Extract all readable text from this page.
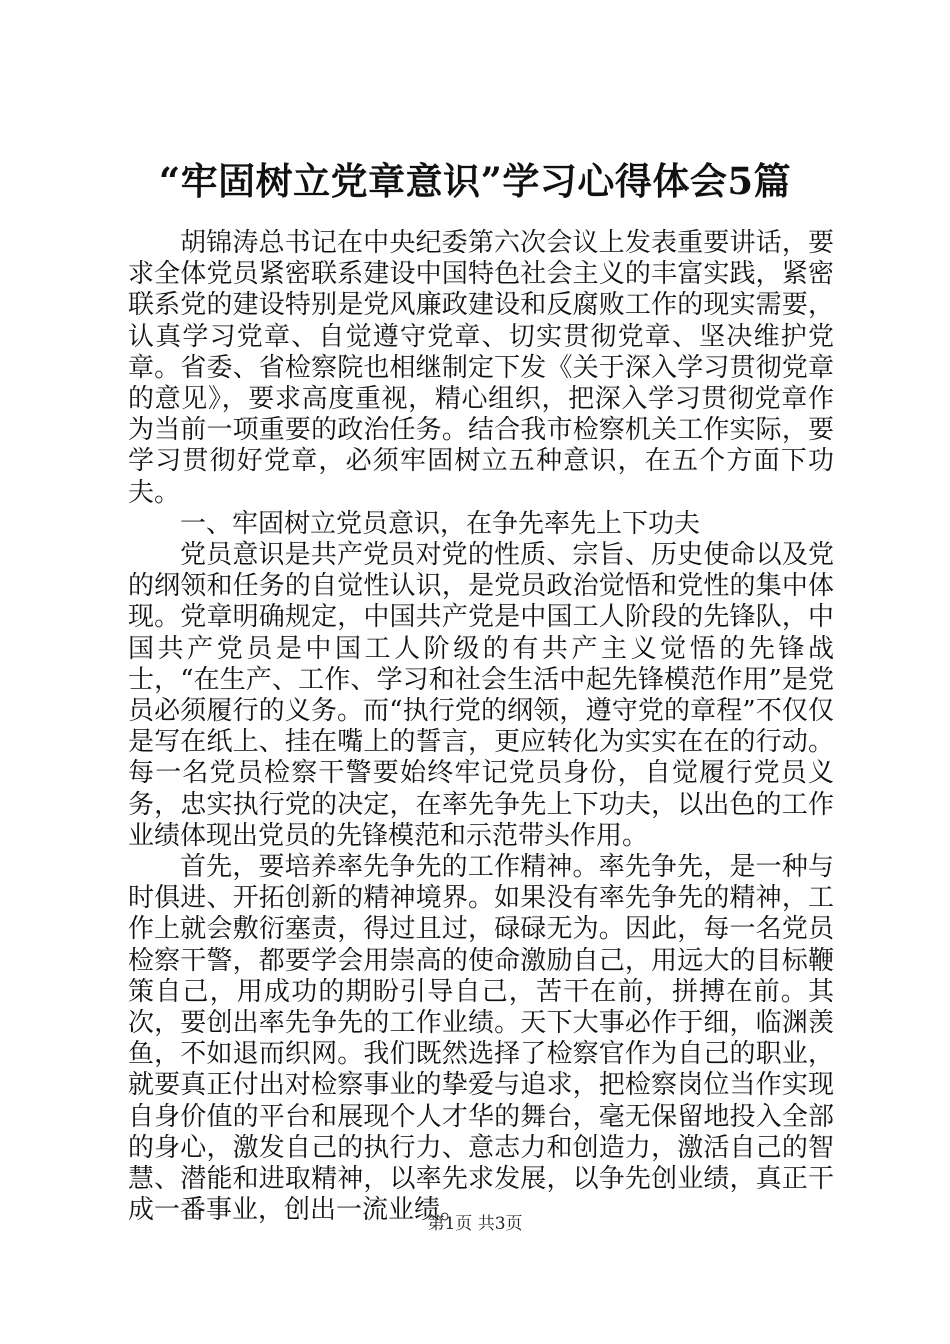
“牢固树立党章意识”学习心得体会5篇

胡锦涛总书记在中央纪委第六次会议上发表重要讲话，要求全体党员紧密联系建设中国特色社会主义的丰富实践，紧密联系党的建设特别是党风廉政建设和反腐败工作的现实需要，认真学习党章、自觉遵守党章、切实贯彻党章、坚决维护党章。省委、省检察院也相继制定下发《关于深入学习贯彻党章的意见》，要求高度重视，精心组织，把深入学习贯彻党章作为当前一项重要的政治任务。结合我市检察机关工作实际，要学习贯彻好党章，必须牢固树立五种意识，在五个方面下功夫。

一、牢固树立党员意识，在争先率先上下功夫

党员意识是共产党员对党的性质、宗旨、历史使命以及党的纲领和任务的自觉性认识，是党员政治觉悟和党性的集中体现。党章明确规定，中国共产党是中国工人阶段的先锋队，中国共产党员是中国工人阶级的有共产主义觉悟的先锋战士，“在生产、工作、学习和社会生活中起先锋模范作用”是党员必须履行的义务。而“执行党的纲领，遵守党的章程”不仅仅是写在纸上、挂在嘴上的誓言，更应转化为实实在在的行动。每一名党员检察干警要始终牢记党员身份，自觉履行党员义务，忠实执行党的决定，在率先争先上下功夫，以出色的工作业绩体现出党员的先锋模范和示范带头作用。

首先，要培养率先争先的工作精神。率先争先，是一种与时俱进、开拓创新的精神境界。如果没有率先争先的精神，工作上就会敷衍塞责，得过且过，碌碌无为。因此，每一名党员检察干警，都要学会用崇高的使命激励自己，用远大的目标鞭策自己，用成功的期盼引导自己，苦干在前，拼搏在前。其次，要创出率先争先的工作业绩。天下大事必作于细，临渊羡鱼，不如退而织网。我们既然选择了检察官作为自己的职业，就要真正付出对检察事业的挚爱与追求，把检察岗位当作实现自身价值的平台和展现个人才华的舞台，毫无保留地投入全部的身心，激发自己的执行力、意志力和创造力，激活自己的智慧、潜能和进取精神，以率先求发展，以争先创业绩，真正干成一番事业，创出一流业绩。

第1页 共3页
